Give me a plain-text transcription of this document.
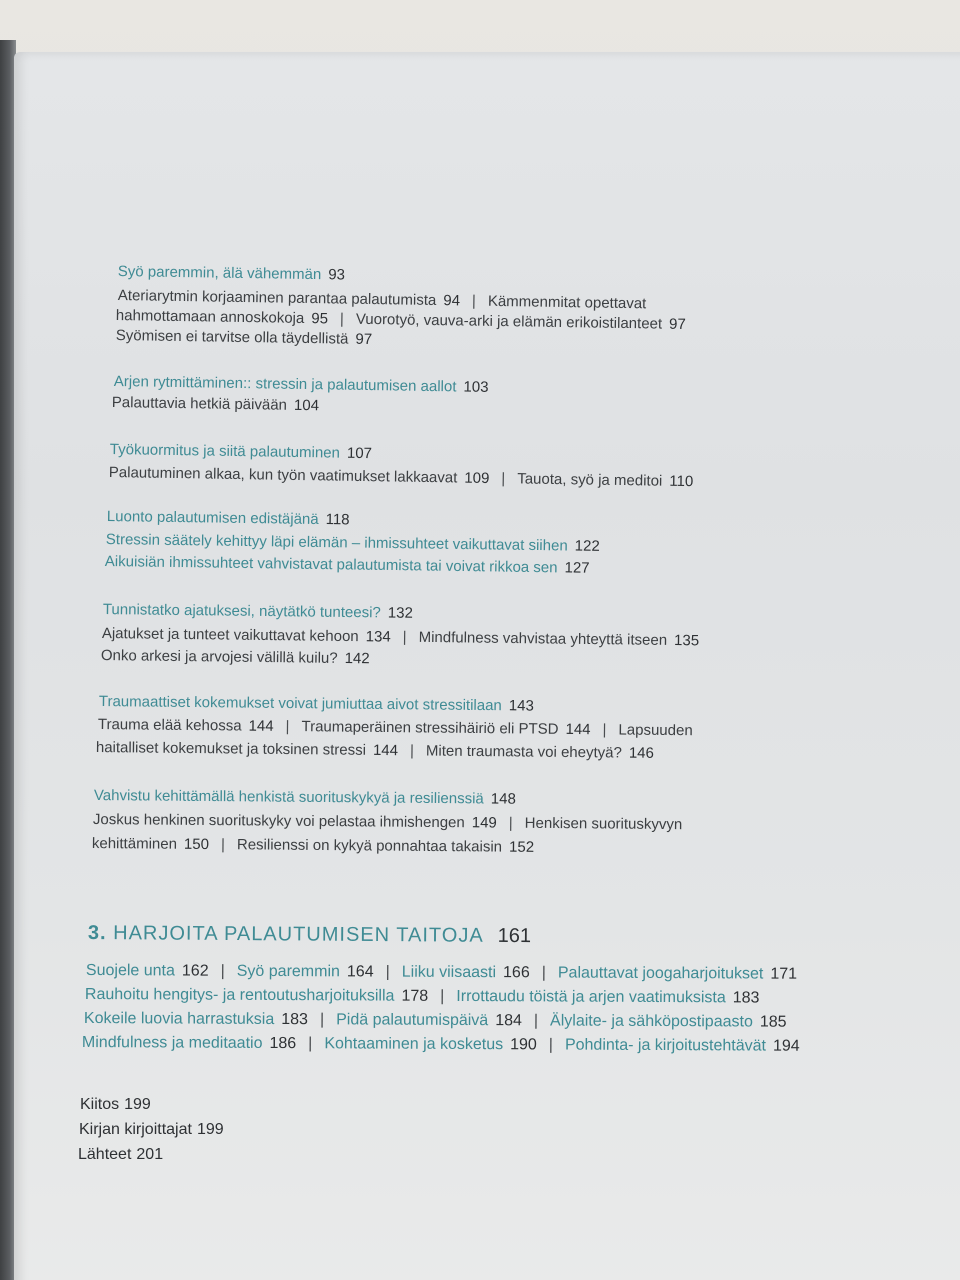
Syö paremmin, älä vähemmän 93
Ateriarytmin korjaaminen parantaa palautumista 94 | Kämmenmitat opettavat
hahmottamaan annoskokoja 95 | Vuorotyö, vauva-arki ja elämän erikoistilanteet 97
Syömisen ei tarvitse olla täydellistä 97
Arjen rytmittäminen:: stressin ja palautumisen aallot 103
Palauttavia hetkiä päivään 104
Työkuormitus ja siitä palautuminen 107
Palautuminen alkaa, kun työn vaatimukset lakkaavat 109 | Tauota, syö ja meditoi 110
Luonto palautumisen edistäjänä 118
Stressin säätely kehittyy läpi elämän – ihmissuhteet vaikuttavat siihen 122
Aikuisiän ihmissuhteet vahvistavat palautumista tai voivat rikkoa sen 127
Tunnistatko ajatuksesi, näytätkö tunteesi? 132
Ajatukset ja tunteet vaikuttavat kehoon 134 | Mindfulness vahvistaa yhteyttä itseen 135
Onko arkesi ja arvojesi välillä kuilu? 142
Traumaattiset kokemukset voivat jumiuttaa aivot stressitilaan 143
Trauma elää kehossa 144 | Traumaperäinen stressihäiriö eli PTSD 144 | Lapsuuden
haitalliset kokemukset ja toksinen stressi 144 | Miten traumasta voi eheytyä? 146
Vahvistu kehittämällä henkistä suorituskykyä ja resilienssiä 148
Joskus henkinen suorituskyky voi pelastaa ihmishengen 149 | Henkisen suorituskyvyn
kehittäminen 150 | Resilienssi on kykyä ponnahtaa takaisin 152
3. HARJOITA PALAUTUMISEN TAITOJA 161
Suojele unta 162 | Syö paremmin 164 | Liiku viisaasti 166 | Palauttavat joogaharjoitukset 171
Rauhoitu hengitys- ja rentoutusharjoituksilla 178 | Irrottaudu töistä ja arjen vaatimuksista 183
Kokeile luovia harrastuksia 183 | Pidä palautumispäivä 184 | Älylaite- ja sähköpostipaasto 185
Mindfulness ja meditaatio 186 | Kohtaaminen ja kosketus 190 | Pohdinta- ja kirjoitustehtävät 194
Kiitos 199
Kirjan kirjoittajat 199
Lähteet 201
